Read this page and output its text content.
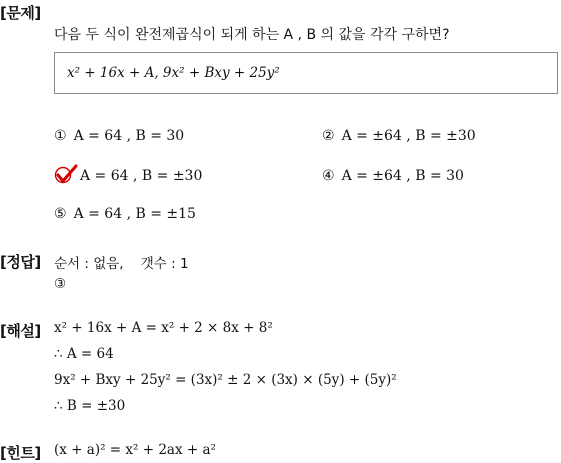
[문제]
다음 두 식이 완전제곱식이 되게 하는 A , B 의 값을 각각 구하면?
x² + 16x + A, 9x² + Bxy + 25y²
① A = 64 , B = 30	② A = ±64 , B = ±30
A = 64 , B = ±30	④ A = ±64 , B = 30
⑤ A = 64 , B = ±15
[정답] 순서 : 없음,    갯수 : 1
③
[해설] x² + 16x + A = x² + 2 × 8x + 8²
∴ A = 64
9x² + Bxy + 25y² = (3x)² ± 2 × (3x) × (5y) + (5y)²
∴ B = ±30
[힌트] (x + a)² = x² + 2ax + a²
